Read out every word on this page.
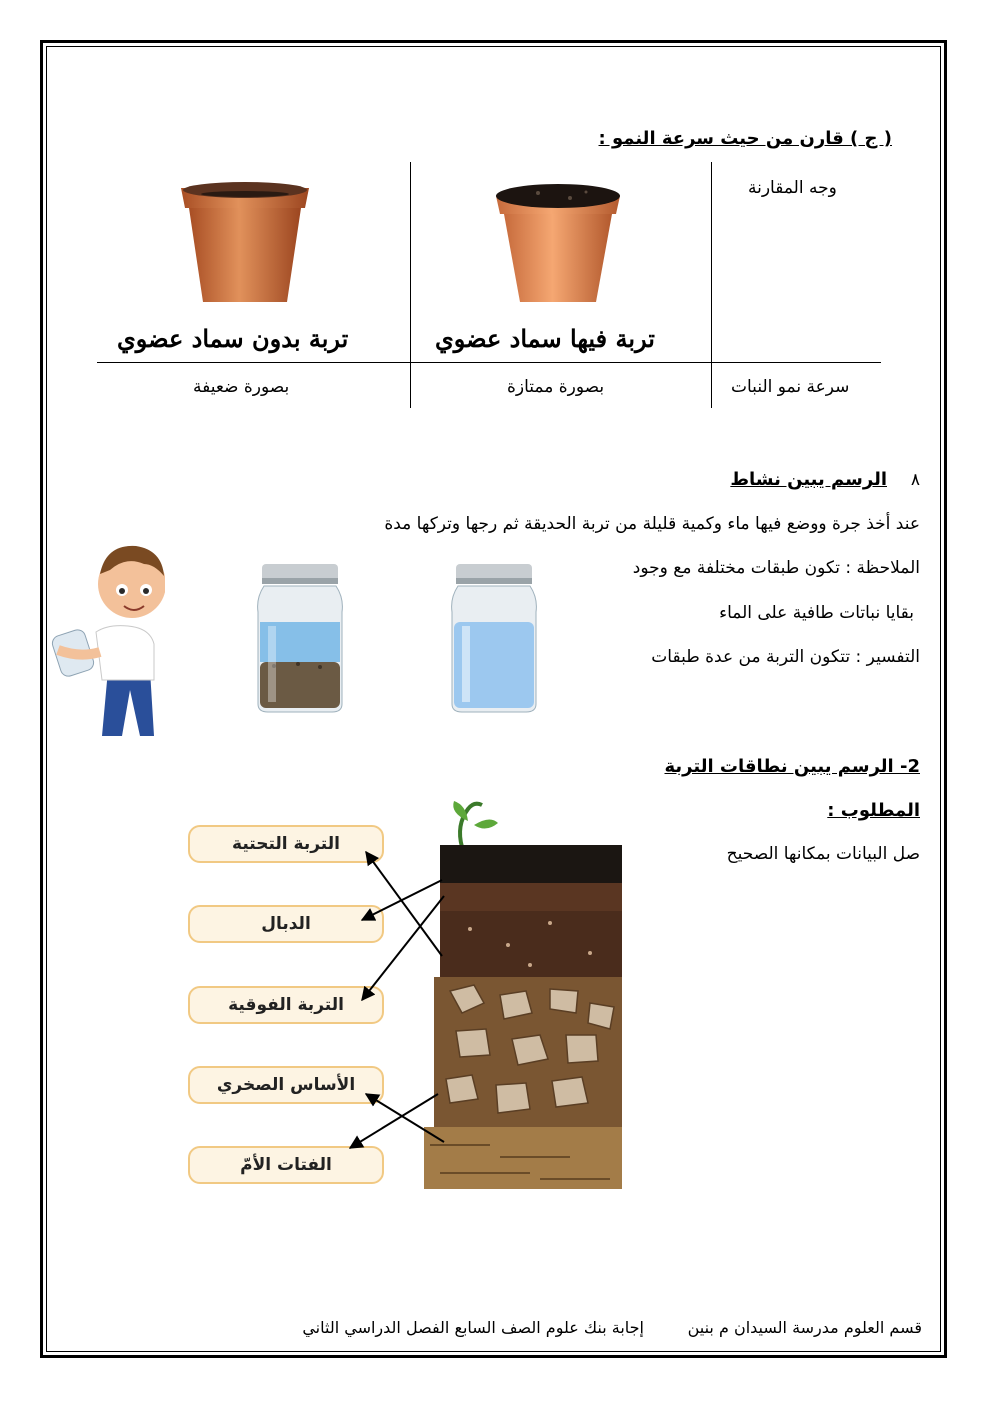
( ج ) قارن من حيث سرعة النمو :
وجه المقارنة
تربة فيها سماد عضوي
تربة بدون سماد عضوي
سرعة نمو النبات
بصورة ممتازة
بصورة ضعيفة
٨
الرسم يبين نشاط
عند أخذ جرة ووضع فيها ماء وكمية قليلة من تربة الحديقة ثم رجها وتركها مدة
الملاحظة : تكون طبقات مختلفة مع وجود
بقايا نباتات طافية على الماء
التفسير : تتكون التربة من عدة طبقات
2- الرسم يبين نطاقات التربة
المطلوب :
صل البيانات بمكانها الصحيح
التربة التحتية
الدبال
التربة الفوقية
الأساس الصخري
الفتات الأمّ
قسم العلوم مدرسة السيدان م بنين
إجابة بنك علوم الصف السابع الفصل الدراسي الثاني
